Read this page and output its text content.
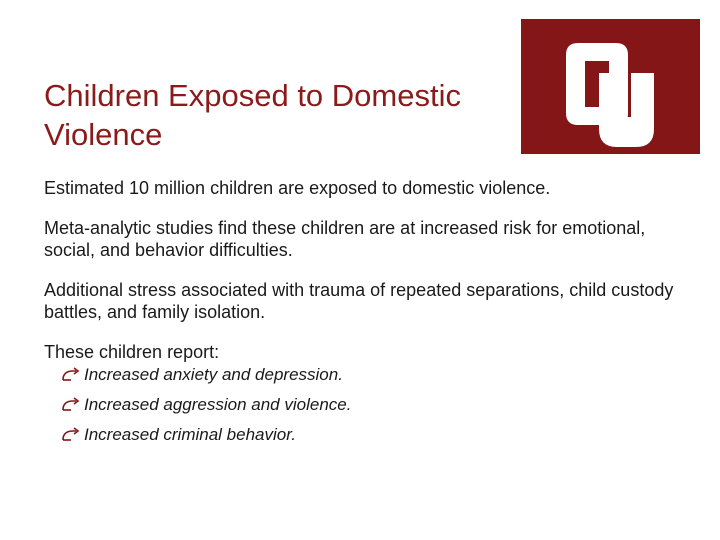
Children Exposed to Domestic
Violence

Estimated 10 million children are exposed to domestic violence.

Meta-analytic studies find these children are at increased risk for emotional, social, and behavior difficulties.

Additional stress associated with trauma of repeated separations, child custody battles, and family isolation.

These children report:

Increased anxiety and depression.
Increased aggression and violence.
Increased criminal behavior.
